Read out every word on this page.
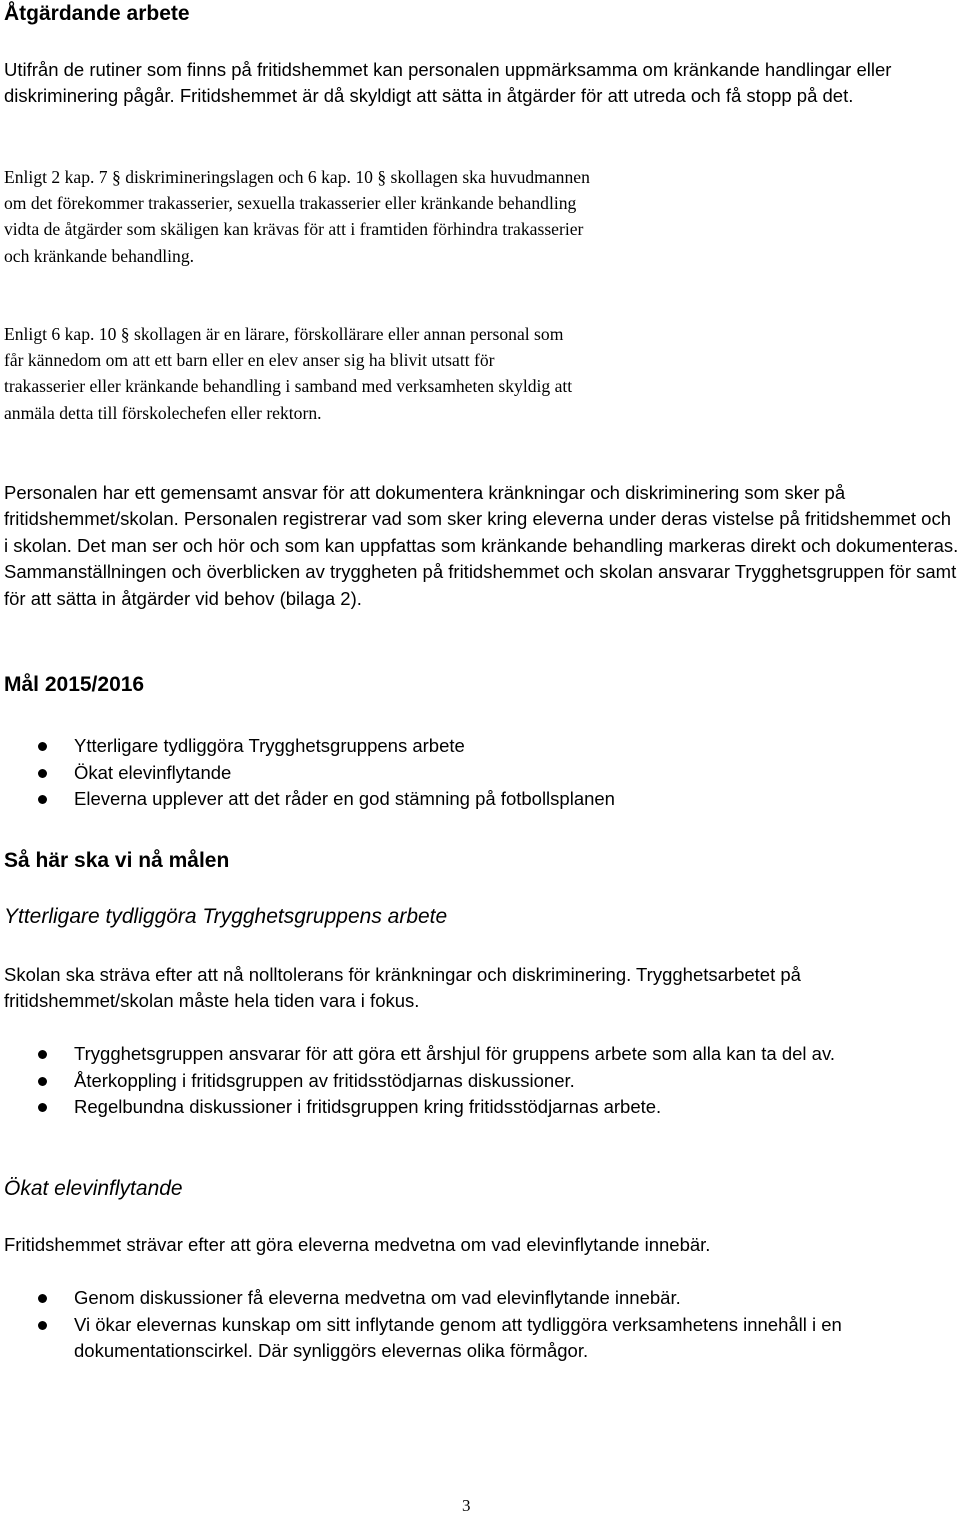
Åtgärdande arbete

Utifrån de rutiner som finns på fritidshemmet kan personalen uppmärksamma om kränkande handlingar eller diskriminering pågår. Fritidshemmet är då skyldigt att sätta in åtgärder för att utreda och få stopp på det.

Enligt 2 kap. 7 § diskrimineringslagen och 6 kap. 10 § skollagen ska huvudmannen om det förekommer trakasserier, sexuella trakasserier eller kränkande behandling vidta de åtgärder som skäligen kan krävas för att i framtiden förhindra trakasserier och kränkande behandling.

Enligt 6 kap. 10 § skollagen är en lärare, förskollärare eller annan personal som får kännedom om att ett barn eller en elev anser sig ha blivit utsatt för trakasserier eller kränkande behandling i samband med verksamheten skyldig att anmäla detta till förskolechefen eller rektorn.

Personalen har ett gemensamt ansvar för att dokumentera kränkningar och diskriminering som sker på fritidshemmet/skolan. Personalen registrerar vad som sker kring eleverna under deras vistelse på fritidshemmet och i skolan. Det man ser och hör och som kan uppfattas som kränkande behandling markeras direkt och dokumenteras. Sammanställningen och överblicken av tryggheten på fritidshemmet och skolan ansvarar Trygghetsgruppen för samt för att sätta in åtgärder vid behov (bilaga 2).

Mål 2015/2016
Ytterligare tydliggöra Trygghetsgruppens arbete
Ökat elevinflytande
Eleverna upplever att det råder en god stämning på fotbollsplanen
Så här ska vi nå målen

Ytterligare tydliggöra Trygghetsgruppens arbete

Skolan ska sträva efter att nå nolltolerans för kränkningar och diskriminering. Trygghetsarbetet på fritidshemmet/skolan måste hela tiden vara i fokus.

Trygghetsgruppen ansvarar för att göra ett årshjul för gruppens arbete som alla kan ta del av.
Återkoppling i fritidsgruppen av fritidsstödjarnas diskussioner.
Regelbundna diskussioner i fritidsgruppen kring fritidsstödjarnas arbete.

Ökat elevinflytande

Fritidshemmet strävar efter att göra eleverna medvetna om vad elevinflytande innebär.

Genom diskussioner få eleverna medvetna om vad elevinflytande innebär.
Vi ökar elevernas kunskap om sitt inflytande genom att tydliggöra verksamhetens innehåll i en dokumentationscirkel. Där synliggörs elevernas olika förmågor.
3
